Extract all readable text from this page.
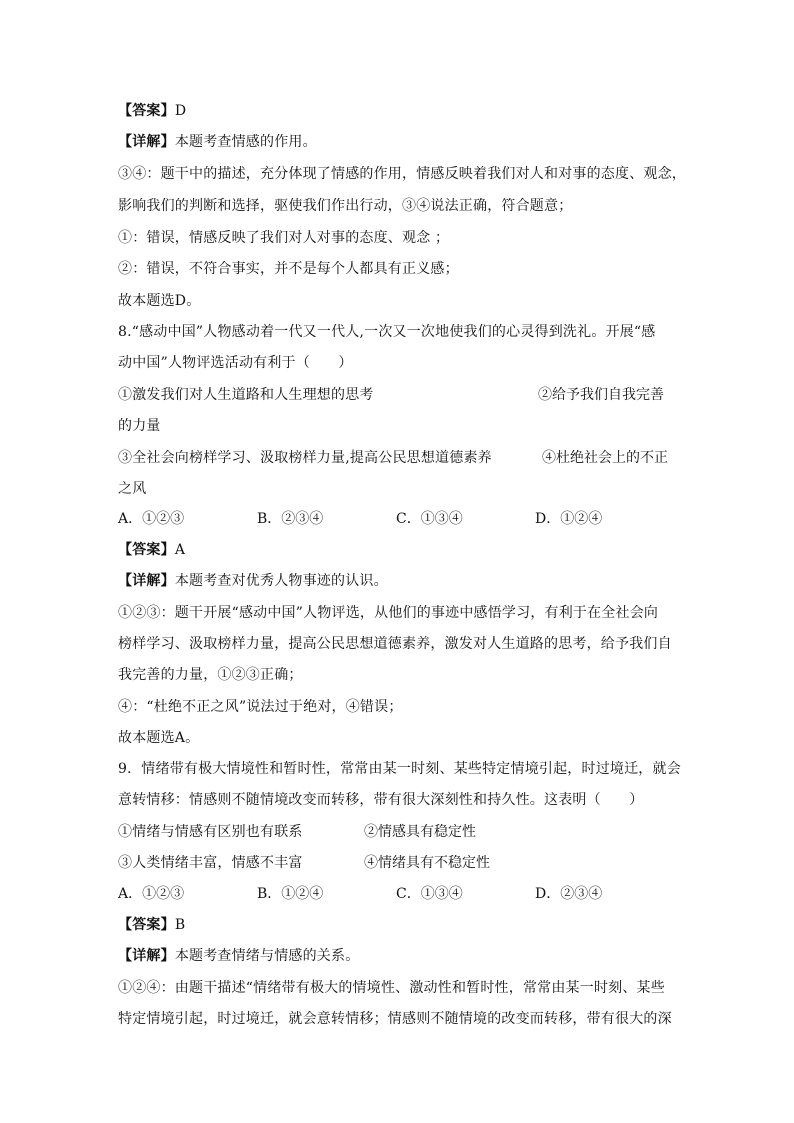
【答案】D
【详解】本题考查情感的作用。
③④：题干中的描述，充分体现了情感的作用，情感反映着我们对人和对事的态度、观念，
影响我们的判断和选择，驱使我们作出行动，③④说法正确，符合题意；
①：错误，情感反映了我们对人对事的态度、观念 ；
②：错误，不符合事实，并不是每个人都具有正义感；
故本题选D。
8.“感动中国”人物感动着一代又一代人,一次又一次地使我们的心灵得到洗礼。开展“感
动中国”人物评选活动有利于（　　）
①激发我们对人生道路和人生理想的思考	②给予我们自我完善
的力量
③全社会向榜样学习、汲取榜样力量,提高公民思想道德素养	④杜绝社会上的不正
之风
A．①②③	B．②③④	C．①③④	D．①②④
【答案】A
【详解】本题考查对优秀人物事迹的认识。
①②③：题干开展“感动中国”人物评选，从他们的事迹中感悟学习，有利于在全社会向
榜样学习、汲取榜样力量，提高公民思想道德素养，激发对人生道路的思考，给予我们自
我完善的力量，①②③正确；
④：“杜绝不正之风”说法过于绝对，④错误；
故本题选A。
9．情绪带有极大情境性和暂时性，常常由某一时刻、某些特定情境引起，时过境迁，就会
意转情移：情感则不随情境改变而转移，带有很大深刻性和持久性。这表明（　　）
①情绪与情感有区别也有联系	②情感具有稳定性
③人类情绪丰富，情感不丰富	④情绪具有不稳定性
A．①②③	B．①②④	C．①③④	D．②③④
【答案】B
【详解】本题考查情绪与情感的关系。
①②④：由题干描述“情绪带有极大的情境性、激动性和暂时性，常常由某一时刻、某些
特定情境引起，时过境迁，就会意转情移；情感则不随情境的改变而转移，带有很大的深
